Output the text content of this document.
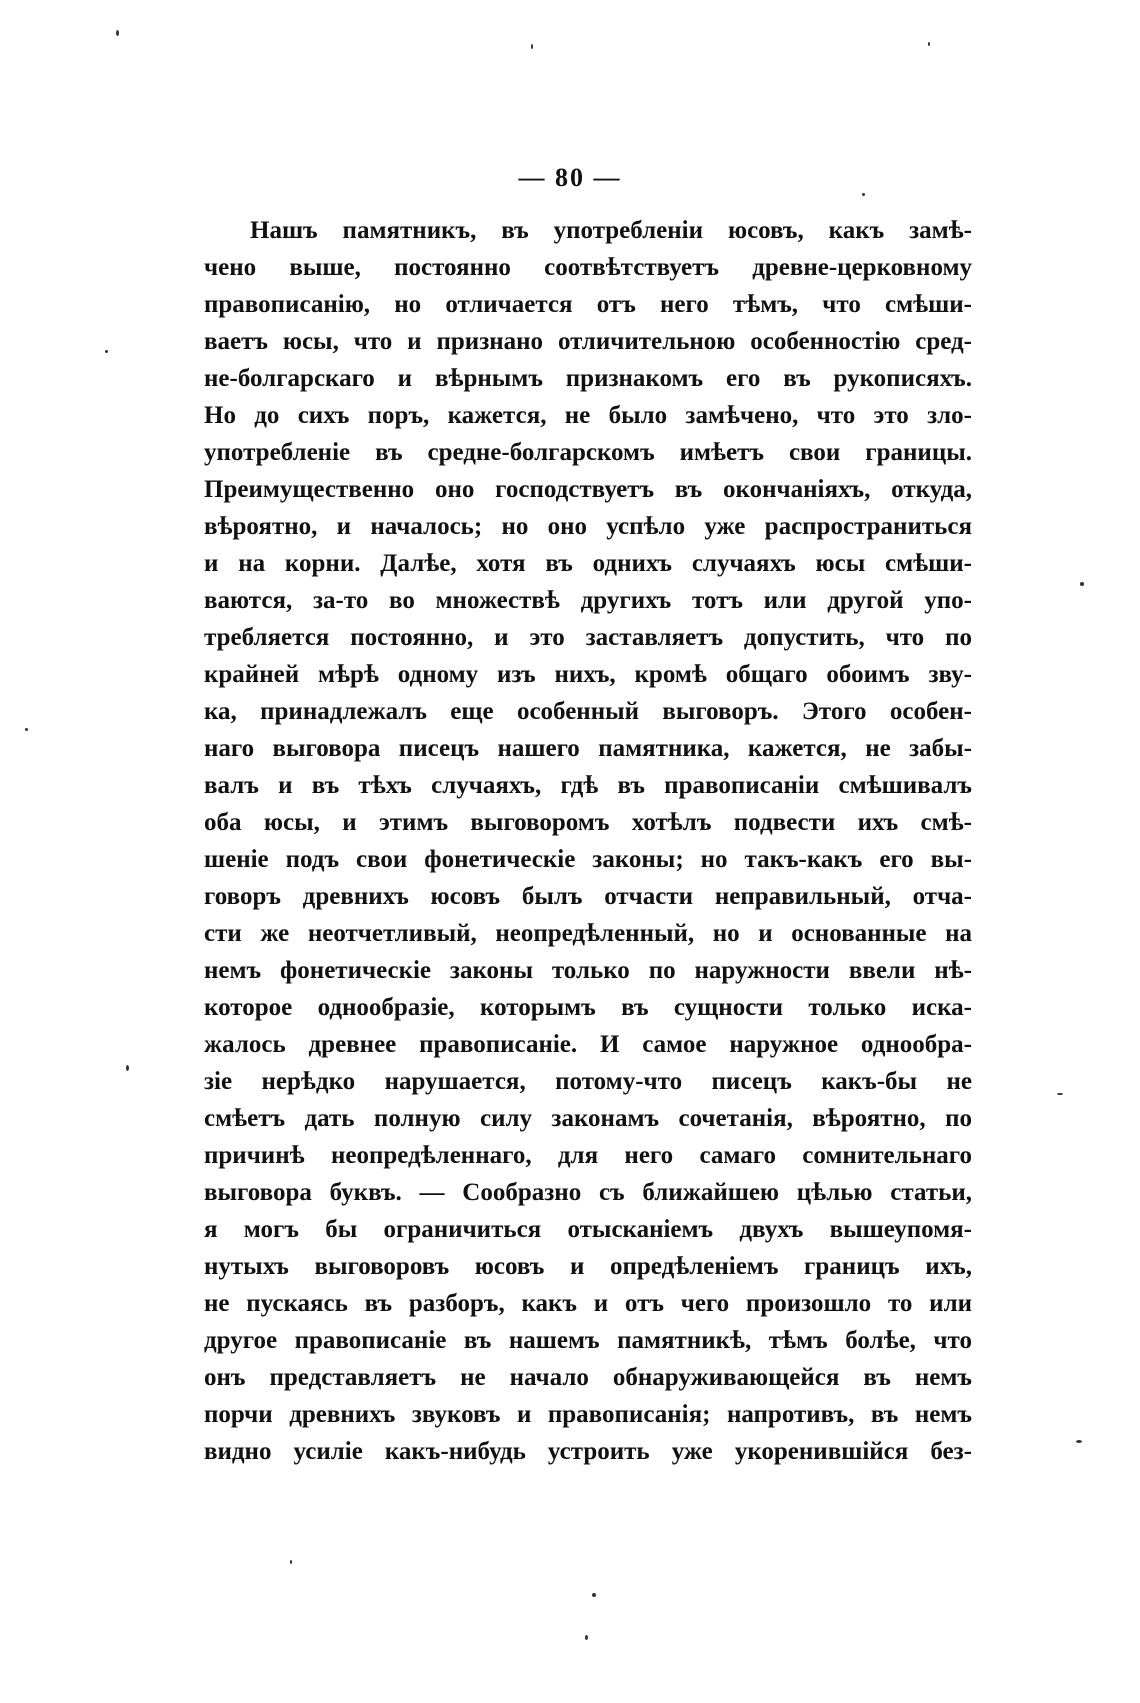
— 80 —
Нашъ памятникъ, въ употребленіи юсовъ, какъ замѣ-
чено выше, постоянно соотвѣтствуетъ древне-церковному
правописанію, но отличается отъ него тѣмъ, что смѣши-
ваетъ юсы, что и признано отличительною особенностію сред-
не-болгарскаго и вѣрнымъ признакомъ его въ рукописяхъ.
Но до сихъ поръ, кажется, не было замѣчено, что это зло-
употребленіе въ средне-болгарскомъ имѣетъ свои границы.
Преимущественно оно господствуетъ въ окончаніяхъ, откуда,
вѣроятно, и началось; но оно успѣло уже распространиться
и на корни. Далѣе, хотя въ однихъ случаяхъ юсы смѣши-
ваются, за-то во множествѣ другихъ тотъ или другой упо-
требляется постоянно, и это заставляетъ допустить, что по
крайней мѣрѣ одному изъ нихъ, кромѣ общаго обоимъ зву-
ка, принадлежалъ еще особенный выговоръ. Этого особен-
наго выговора писецъ нашего памятника, кажется, не забы-
валъ и въ тѣхъ случаяхъ, гдѣ въ правописаніи смѣшивалъ
оба юсы, и этимъ выговоромъ хотѣлъ подвести ихъ смѣ-
шеніе подъ свои фонетическіе законы; но такъ-какъ его вы-
говоръ древнихъ юсовъ былъ отчасти неправильный, отча-
сти же неотчетливый, неопредѣленный, но и основанные на
немъ фонетическіе законы только по наружности ввели нѣ-
которое однообразіе, которымъ въ сущности только иска-
жалось древнее правописаніе. И самое наружное однообра-
зіе нерѣдко нарушается, потому-что писецъ какъ-бы не
смѣетъ дать полную силу законамъ сочетанія, вѣроятно, по
причинѣ неопредѣленнаго, для него самаго сомнительнаго
выговора буквъ. — Сообразно съ ближайшею цѣлью статьи,
я могъ бы ограничиться отысканіемъ двухъ вышеупомя-
нутыхъ выговоровъ юсовъ и опредѣленіемъ границъ ихъ,
не пускаясь въ разборъ, какъ и отъ чего произошло то или
другое правописаніе въ нашемъ памятникѣ, тѣмъ болѣе, что
онъ представляетъ не начало обнаруживающейся въ немъ
порчи древнихъ звуковъ и правописанія; напротивъ, въ немъ
видно усиліе какъ-нибудь устроить уже укоренившійся без-
